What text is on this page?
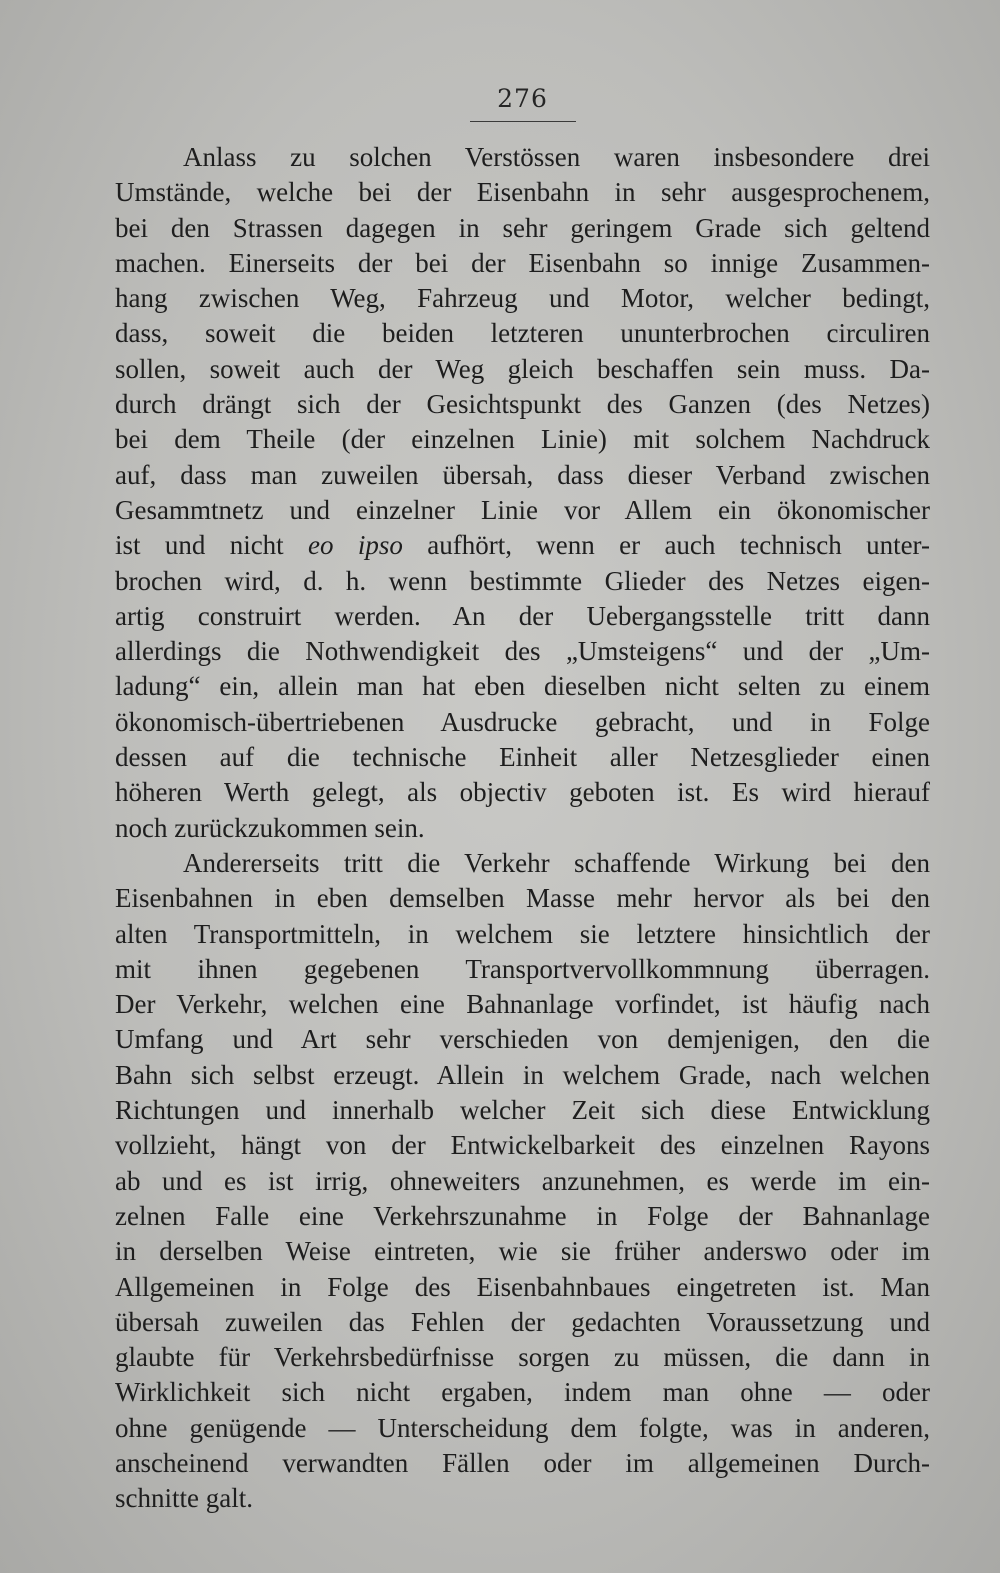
276
Anlass zu solchen Verstössen waren insbesondere drei
Umstände, welche bei der Eisenbahn in sehr ausgesprochenem,
bei den Strassen dagegen in sehr geringem Grade sich geltend
machen. Einerseits der bei der Eisenbahn so innige Zusammen-
hang zwischen Weg, Fahrzeug und Motor, welcher bedingt,
dass, soweit die beiden letzteren ununterbrochen circuliren
sollen, soweit auch der Weg gleich beschaffen sein muss. Da-
durch drängt sich der Gesichtspunkt des Ganzen (des Netzes)
bei dem Theile (der einzelnen Linie) mit solchem Nachdruck
auf, dass man zuweilen übersah, dass dieser Verband zwischen
Gesammtnetz und einzelner Linie vor Allem ein ökonomischer
ist und nicht eo ipso aufhört, wenn er auch technisch unter-
brochen wird, d. h. wenn bestimmte Glieder des Netzes eigen-
artig construirt werden. An der Uebergangsstelle tritt dann
allerdings die Nothwendigkeit des „Umsteigens“ und der „Um-
ladung“ ein, allein man hat eben dieselben nicht selten zu einem
ökonomisch-übertriebenen Ausdrucke gebracht, und in Folge
dessen auf die technische Einheit aller Netzesglieder einen
höheren Werth gelegt, als objectiv geboten ist. Es wird hierauf
noch zurückzukommen sein.
Andererseits tritt die Verkehr schaffende Wirkung bei den
Eisenbahnen in eben demselben Masse mehr hervor als bei den
alten Transportmitteln, in welchem sie letztere hinsichtlich der
mit ihnen gegebenen Transportvervollkommnung überragen.
Der Verkehr, welchen eine Bahnanlage vorfindet, ist häufig nach
Umfang und Art sehr verschieden von demjenigen, den die
Bahn sich selbst erzeugt. Allein in welchem Grade, nach welchen
Richtungen und innerhalb welcher Zeit sich diese Entwicklung
vollzieht, hängt von der Entwickelbarkeit des einzelnen Rayons
ab und es ist irrig, ohneweiters anzunehmen, es werde im ein-
zelnen Falle eine Verkehrszunahme in Folge der Bahnanlage
in derselben Weise eintreten, wie sie früher anderswo oder im
Allgemeinen in Folge des Eisenbahnbaues eingetreten ist. Man
übersah zuweilen das Fehlen der gedachten Voraussetzung und
glaubte für Verkehrsbedürfnisse sorgen zu müssen, die dann in
Wirklichkeit sich nicht ergaben, indem man ohne — oder
ohne genügende — Unterscheidung dem folgte, was in anderen,
anscheinend verwandten Fällen oder im allgemeinen Durch-
schnitte galt.
